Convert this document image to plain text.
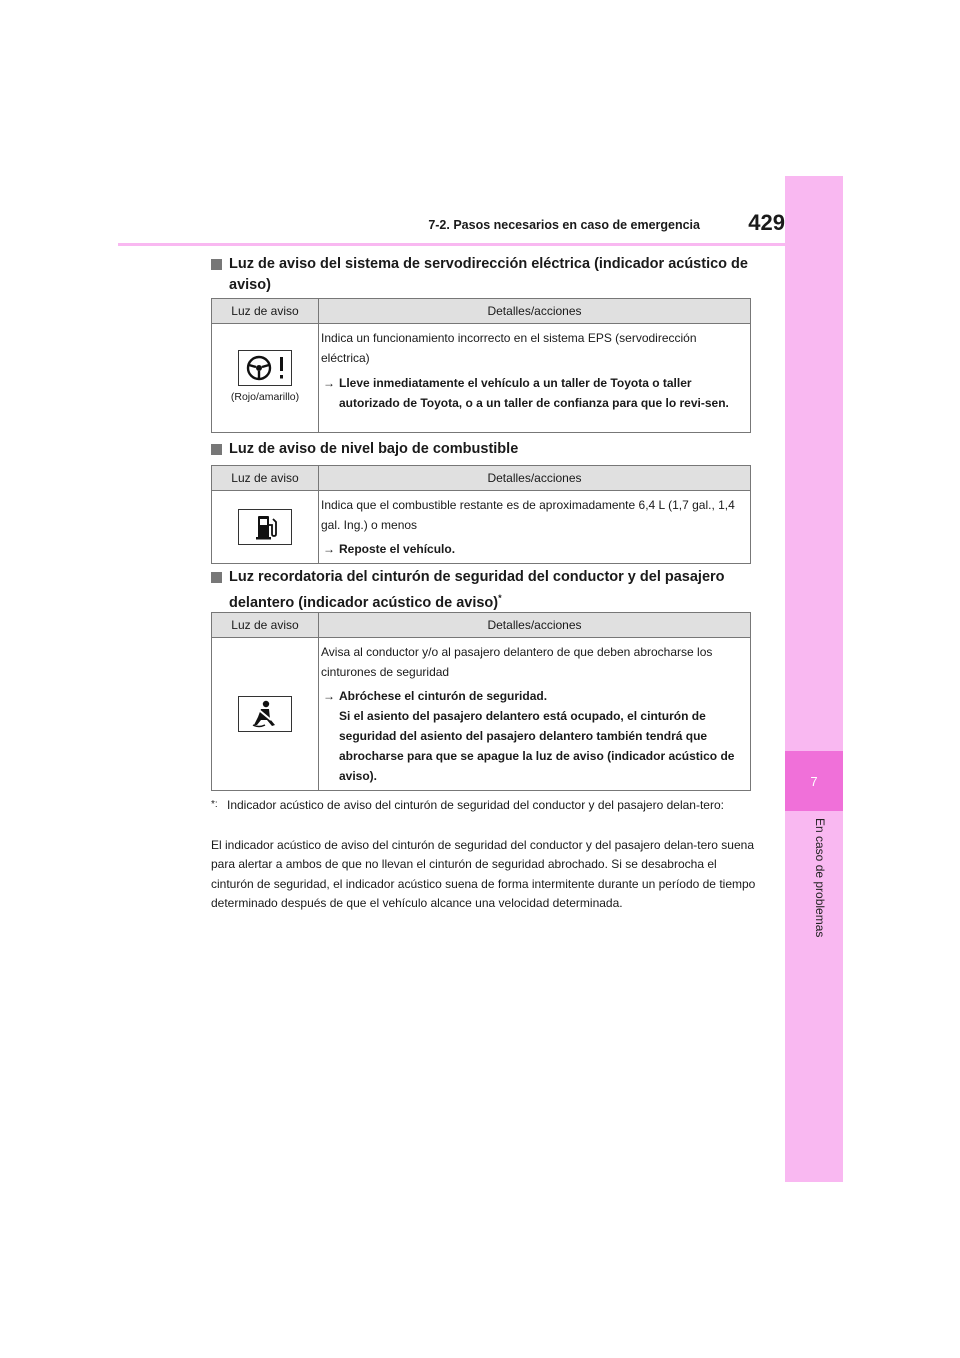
7-2. Pasos necesarios en caso de emergencia	429
7
En caso de problemas
Luz de aviso del sistema de servodirección eléctrica (indicador acústico de aviso)
Luz de aviso	Detalles/acciones

(Rojo/amarillo)	Indica un funcionamiento incorrecto en el sistema EPS (servodirección eléctrica)
→ Lleve inmediatamente el vehículo a un taller de Toyota o taller autorizado de Toyota, o a un taller de confianza para que lo revi-sen.
Luz de aviso de nivel bajo de combustible
Luz de aviso	Detalles/acciones

Indica que el combustible restante es de aproximadamente 6,4 L (1,7 gal., 1,4 gal. Ing.) o menos
→ Reposte el vehículo.
Luz recordatoria del cinturón de seguridad del conductor y del pasajero delantero (indicador acústico de aviso)*
Luz de aviso	Detalles/acciones

Avisa al conductor y/o al pasajero delantero de que deben abrocharse los cinturones de seguridad
→ Abróchese el cinturón de seguridad.
Si el asiento del pasajero delantero está ocupado, el cinturón de seguridad del asiento del pasajero delantero también tendrá que abrocharse para que se apague la luz de aviso (indicador acústico de aviso).
*: Indicador acústico de aviso del cinturón de seguridad del conductor y del pasajero delan-tero:
El indicador acústico de aviso del cinturón de seguridad del conductor y del pasajero delan-tero suena para alertar a ambos de que no llevan el cinturón de seguridad abrochado. Si se desabrocha el cinturón de seguridad, el indicador acústico suena de forma intermitente durante un período de tiempo determinado después de que el vehículo alcance una velocidad determinada.
